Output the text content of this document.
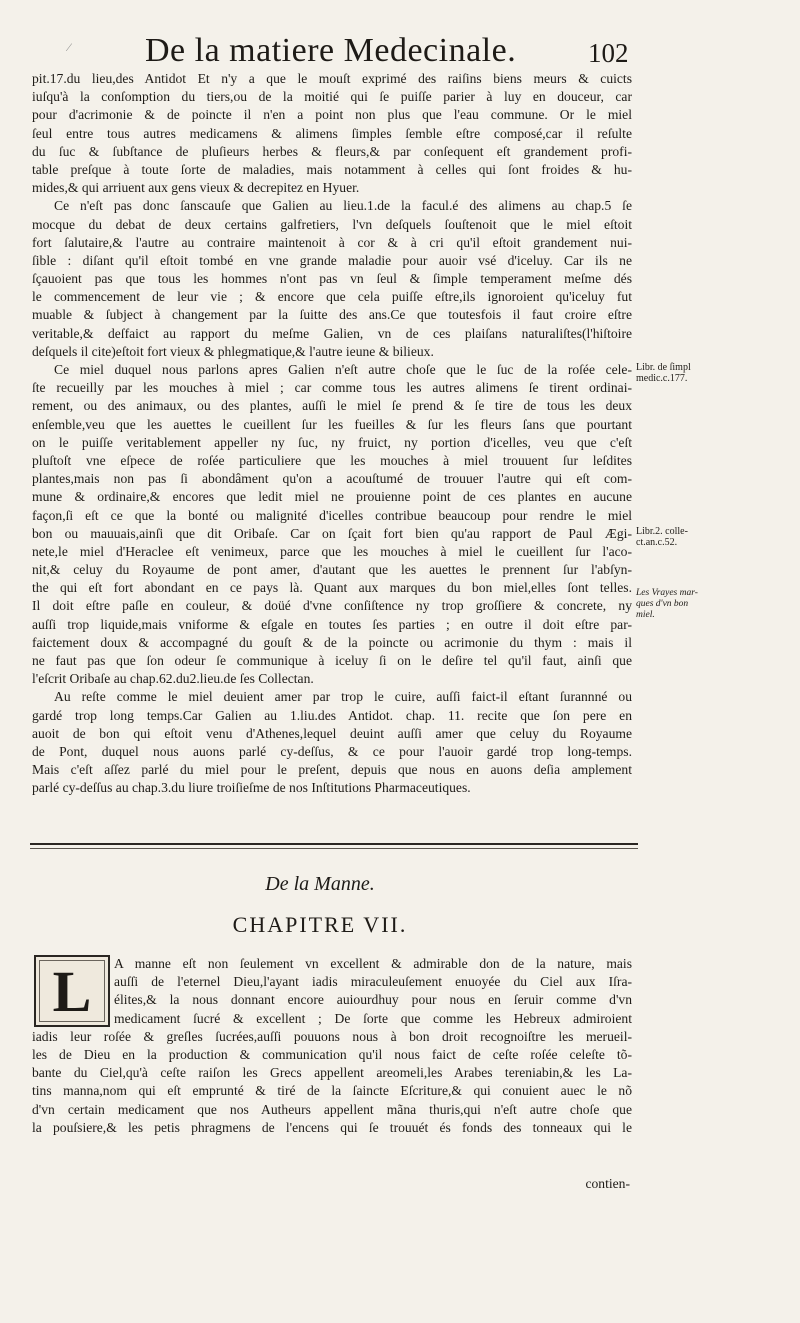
⁄ De la matiere Medecinale.	102
pit.17.du lieu,des Antidot Et n'y a que le mouſt exprimé des raiſins biens meurs & cuicts
iuſqu'à la conſomption du tiers,ou de la moitié qui ſe puiſſe parier à luy en douceur, car
pour d'acrimonie & de poincte il n'en a point non plus que l'eau commune. Or le miel
ſeul entre tous autres medicamens & alimens ſimples ſemble eſtre composé,car il reſulte
du ſuc & ſubſtance de pluſieurs herbes & fleurs,& par conſequent eſt grandement profi-
table preſque à toute ſorte de maladies, mais notamment à celles qui ſont froides & hu-
mides,& qui arriuent aux gens vieux & decrepitez en Hyuer.
Ce n'eſt pas donc ſanscauſe que Galien au lieu.1.de la facul.é des alimens au chap.5 ſe
mocque du debat de deux certains galfretiers, l'vn deſquels ſouſtenoit que le miel eſtoit
fort ſalutaire,& l'autre au contraire maintenoit à cor & à cri qu'il eſtoit grandement nui-
ſible : diſant qu'il eſtoit tombé en vne grande maladie pour auoir vsé d'iceluy. Car ils ne
ſçauoient pas que tous les hommes n'ont pas vn ſeul & ſimple temperament meſme dés
le commencement de leur vie ; & encore que cela puiſſe eſtre,ils ignoroient qu'iceluy fut
muable & ſubject à changement par la ſuitte des ans.Ce que toutesfois il faut croire eſtre
veritable,& deſfaict au rapport du meſme Galien, vn de ces plaiſans naturaliſtes(l'hiſtoire
deſquels il cite)eſtoit fort vieux & phlegmatique,& l'autre ieune & bilieux.
Ce miel duquel nous parlons apres Galien n'eſt autre choſe que le ſuc de la roſée cele-
ſte recueilly par les mouches à miel ; car comme tous les autres alimens ſe tirent ordinai-
rement, ou des animaux, ou des plantes, auſſi le miel ſe prend & ſe tire de tous les deux
enſemble,veu que les auettes le cueillent ſur les fueilles & ſur les fleurs ſans que pourtant
on le puiſſe veritablement appeller ny ſuc, ny fruict, ny portion d'icelles, veu que c'eſt
pluſtoſt vne eſpece de roſée particuliere que les mouches à miel trouuent ſur leſdites
plantes,mais non pas ſi abondâment qu'on a acouſtumé de trouuer l'autre qui eſt com-
mune & ordinaire,& encores que ledit miel ne prouienne point de ces plantes en aucune
façon,ſi eſt ce que la bonté ou malignité d'icelles contribue beaucoup pour rendre le miel
bon ou mauuais,ainſi que dit Oribaſe. Car on ſçait fort bien qu'au rapport de Paul Ægi-
nete,le miel d'Heraclee eſt venimeux, parce que les mouches à miel le cueillent ſur l'aco-
nit,& celuy du Royaume de pont amer, d'autant que les auettes le prennent ſur l'abſyn-
the qui eſt fort abondant en ce pays là. Quant aux marques du bon miel,elles ſont telles.
Il doit eſtre paſle en couleur, & doüé d'vne conſiſtence ny trop groſſiere & concrete, ny
auſſi trop liquide,mais vniforme & eſgale en toutes ſes parties ; en outre il doit eſtre par-
faictement doux & accompagné du gouſt & de la poincte ou acrimonie du thym : mais il
ne faut pas que ſon odeur ſe communique à iceluy ſi on le deſire tel qu'il faut, ainſi que
l'eſcrit Oribaſe au chap.62.du2.lieu.de ſes Collectan.
Au reſte comme le miel deuient amer par trop le cuire, auſſi faict-il eſtant ſurannné ou
gardé trop long temps.Car Galien au 1.liu.des Antidot. chap. 11. recite que ſon pere en
auoit de bon qui eſtoit venu d'Athenes,lequel deuint auſſi amer que celuy du Royaume
de Pont, duquel nous auons parlé cy-deſſus, & ce pour l'auoir gardé trop long-temps.
Mais c'eſt aſſez parlé du miel pour le preſent, depuis que nous en auons deſia amplement
parlé cy-deſſus au chap.3.du liure troiſieſme de nos Inſtitutions Pharmaceutiques.
Libr. de ſimpl
medic.c.177.
Libr.2. colle-
ct.an.c.52.
Les Vrayes mar-
ques d'vn bon
miel.
De la Manne.
CHAPITRE VII.
A manne eſt non ſeulement vn excellent & admirable don de la nature, mais
auſſi de l'eternel Dieu,l'ayant iadis miraculeuſement enuoyée du Ciel aux Iſra-
élites,& la nous donnant encore auiourdhuy pour nous en ſeruir comme d'vn
medicament ſucré & excellent ; De ſorte que comme les Hebreux admiroient
iadis leur roſée & greſles ſucrées,auſſi pouuons nous à bon droit recognoiſtre les merueil-
les de Dieu en la production & communication qu'il nous faict de ceſte roſée celeſte tõ-
bante du Ciel,qu'à ceſte raiſon les Grecs appellent areomeli,les Arabes tereniabin,& les La-
tins manna,nom qui eſt emprunté & tiré de la ſaincte Eſcriture,& qui conuient auec le nõ
d'vn certain medicament que nos Autheurs appellent mãna thuris,qui n'eſt autre choſe que
la pouſsiere,& les petis phragmens de l'encens qui ſe trouuét és fonds des tonneaux qui le
L
contien-
